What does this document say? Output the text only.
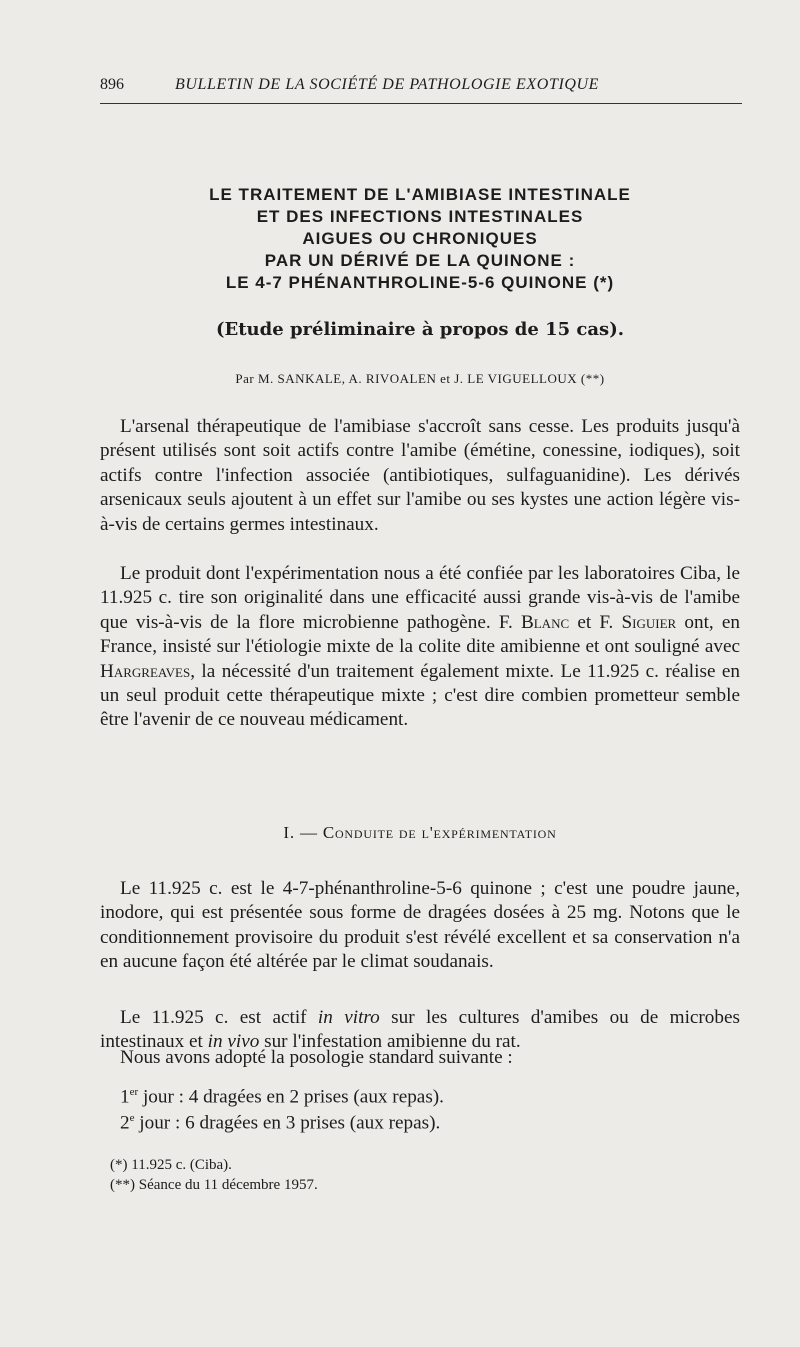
896	BULLETIN DE LA SOCIÉTÉ DE PATHOLOGIE EXOTIQUE
LE TRAITEMENT DE L'AMIBIASE INTESTINALE
ET DES INFECTIONS INTESTINALES
AIGUES OU CHRONIQUES
PAR UN DÉRIVÉ DE LA QUINONE :
LE 4-7 PHÉNANTHROLINE-5-6 QUINONE (*)
(Etude préliminaire à propos de 15 cas).
Par M. SANKALE, A. RIVOALEN et J. LE VIGUELLOUX (**)

L'arsenal thérapeutique de l'amibiase s'accroît sans cesse. Les produits jusqu'à présent utilisés sont soit actifs contre l'amibe (émétine, conessine, iodiques), soit actifs contre l'infection associée (antibiotiques, sulfaguanidine). Les dérivés arsenicaux seuls ajoutent à un effet sur l'amibe ou ses kystes une action légère vis-à-vis de certains germes intestinaux.

Le produit dont l'expérimentation nous a été confiée par les laboratoires Ciba, le 11.925 c. tire son originalité dans une efficacité aussi grande vis-à-vis de l'amibe que vis-à-vis de la flore microbienne pathogène. F. Blanc et F. Siguier ont, en France, insisté sur l'étiologie mixte de la colite dite amibienne et ont souligné avec Hargreaves, la nécessité d'un traitement également mixte. Le 11.925 c. réalise en un seul produit cette thérapeutique mixte ; c'est dire combien prometteur semble être l'avenir de ce nouveau médicament.

I. — Conduite de l'expérimentation

Le 11.925 c. est le 4-7-phénanthroline-5-6 quinone ; c'est une poudre jaune, inodore, qui est présentée sous forme de dragées dosées à 25 mg. Notons que le conditionnement provisoire du produit s'est révélé excellent et sa conservation n'a en aucune façon été altérée par le climat soudanais.

Le 11.925 c. est actif in vitro sur les cultures d'amibes ou de microbes intestinaux et in vivo sur l'infestation amibienne du rat.

Nous avons adopté la posologie standard suivante :

1er jour : 4 dragées en 2 prises (aux repas).
2e jour : 6 dragées en 3 prises (aux repas).
(*) 11.925 c. (Ciba).
(**) Séance du 11 décembre 1957.
